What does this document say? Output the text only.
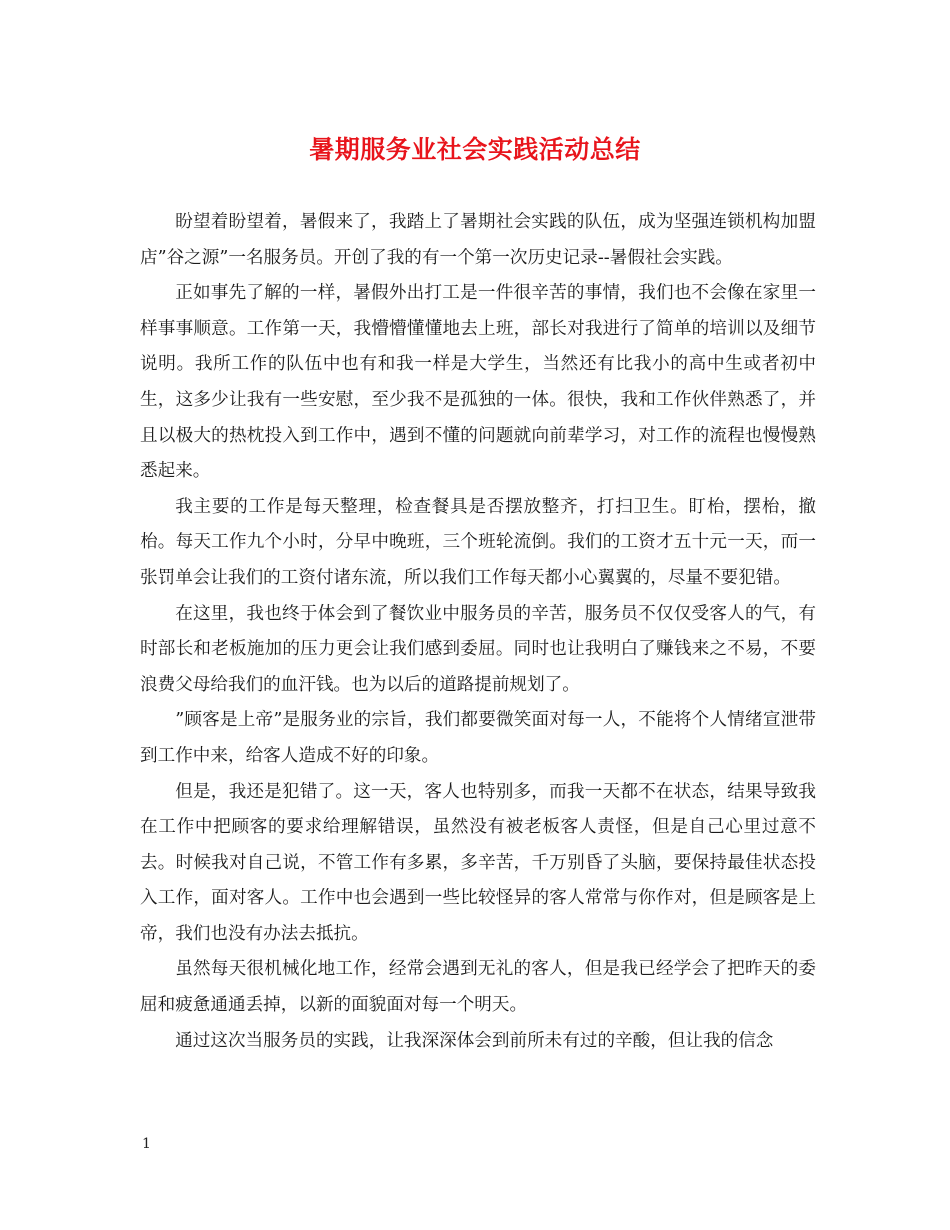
暑期服务业社会实践活动总结

盼望着盼望着，暑假来了，我踏上了暑期社会实践的队伍，成为坚强连锁机构加盟店”谷之源”一名服务员。开创了我的有一个第一次历史记录--暑假社会实践。

正如事先了解的一样，暑假外出打工是一件很辛苦的事情，我们也不会像在家里一样事事顺意。工作第一天，我懵懵懂懂地去上班，部长对我进行了简单的培训以及细节说明。我所工作的队伍中也有和我一样是大学生，当然还有比我小的高中生或者初中生，这多少让我有一些安慰，至少我不是孤独的一体。很快，我和工作伙伴熟悉了，并且以极大的热枕投入到工作中，遇到不懂的问题就向前辈学习，对工作的流程也慢慢熟悉起来。

我主要的工作是每天整理，检查餐具是否摆放整齐，打扫卫生。盯枱，摆枱，撤枱。每天工作九个小时，分早中晚班，三个班轮流倒。我们的工资才五十元一天，而一张罚单会让我们的工资付诸东流，所以我们工作每天都小心翼翼的，尽量不要犯错。

在这里，我也终于体会到了餐饮业中服务员的辛苦，服务员不仅仅受客人的气，有时部长和老板施加的压力更会让我们感到委屈。同时也让我明白了赚钱来之不易，不要浪费父母给我们的血汗钱。也为以后的道路提前规划了。

”顾客是上帝”是服务业的宗旨，我们都要微笑面对每一人，不能将个人情绪宣泄带到工作中来，给客人造成不好的印象。

但是，我还是犯错了。这一天，客人也特别多，而我一天都不在状态，结果导致我在工作中把顾客的要求给理解错误，虽然没有被老板客人责怪，但是自己心里过意不去。时候我对自己说，不管工作有多累，多辛苦，千万别昏了头脑，要保持最佳状态投入工作，面对客人。工作中也会遇到一些比较怪异的客人常常与你作对，但是顾客是上帝，我们也没有办法去抵抗。

虽然每天很机械化地工作，经常会遇到无礼的客人，但是我已经学会了把昨天的委屈和疲惫通通丢掉，以新的面貌面对每一个明天。

通过这次当服务员的实践，让我深深体会到前所未有过的辛酸，但让我的信念

1
